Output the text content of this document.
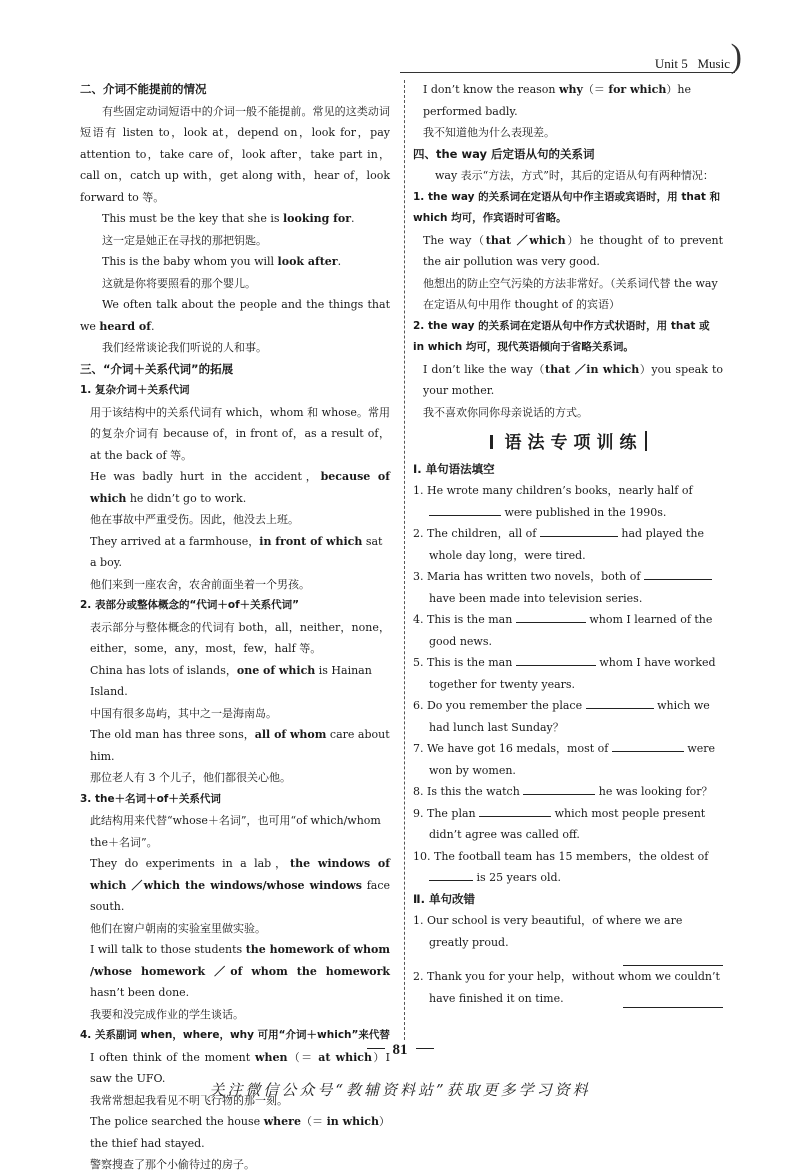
Unit 5 Music )

二、介词不能提前的情况

有些固定动词短语中的介词一般不能提前。常见的这类动词短语有 listen to，look at，depend on，look for，pay attention to，take care of，look after，take part in，call on，catch up with，get along with，hear of，look forward to 等。

This must be the key that she is looking for.

这一定是她正在寻找的那把钥匙。

This is the baby whom you will look after.

这就是你将要照看的那个婴儿。

We often talk about the people and the things that we heard of.

我们经常谈论我们听说的人和事。

三、“介词＋关系代词”的拓展

1. 复杂介词＋关系代词

用于该结构中的关系代词有 which，whom 和 whose。常用的复杂介词有 because of，in front of，as a result of，at the back of 等。

He was badly hurt in the accident，because of which he didn’t go to work.

他在事故中严重受伤。因此，他没去上班。

They arrived at a farmhouse，in front of which sat a boy.

他们来到一座农舍，农舍前面坐着一个男孩。

2. 表部分或整体概念的“代词＋of＋关系代词”

表示部分与整体概念的代词有 both，all，neither，none，either，some，any，most，few，half 等。

China has lots of islands，one of which is Hainan Island.

中国有很多岛屿，其中之一是海南岛。

The old man has three sons，all of whom care about him.

那位老人有 3 个儿子，他们都很关心他。

3. the＋名词＋of＋关系代词

此结构用来代替“whose＋名词”，也可用“of which/whom the＋名词”。

They do experiments in a lab，the windows of which ／which the windows/whose windows face south.

他们在窗户朝南的实验室里做实验。

I will talk to those students the homework of whom /whose homework ／of whom the homework hasn’t been done.

我要和没完成作业的学生谈话。

4. 关系副词 when，where，why 可用“介词＋which”来代替

I often think of the moment when（＝ at which）I saw the UFO.

我常常想起我看见不明飞行物的那一刻。

The police searched the house where（＝ in which）the thief had stayed.

警察搜查了那个小偷待过的房子。

I don’t know the reason why（＝ for which）he performed badly.

我不知道他为什么表现差。

四、the way 后定语从句的关系词

way 表示“方法，方式”时，其后的定语从句有两种情况：

1. the way 的关系词在定语从句中作主语或宾语时，用 that 和 which 均可，作宾语时可省略。

The way（that ／which）he thought of to prevent the air pollution was very good.

他想出的防止空气污染的方法非常好。（关系词代替 the way 在定语从句中用作 thought of 的宾语）

2. the way 的关系词在定语从句中作方式状语时，用 that 或 in which 均可，现代英语倾向于省略关系词。

I don’t like the way（that ／in which）you speak to your mother.

我不喜欢你同你母亲说话的方式。

语法专项训练

Ⅰ. 单句语法填空

1. He wrote many children’s books，nearly half of  were published in the 1990s.

2. The children，all of	had played the whole day long，were tired.

3. Maria has written two novels，both of  have been made into television series.

4. This is the man	whom I learned of the good news.

5. This is the man	whom I have worked together for twenty years.

6. Do you remember the place	which we had lunch last Sunday？

7. We have got 16 medals，most of	were won by women.

8. Is this the watch	he was looking for？

9. The plan	which most people present didn’t agree was called off.

10. The football team has 15 members，the oldest of  is 25 years old.

Ⅱ. 单句改错

1. Our school is very beautiful，of where we are greatly proud.

2. Thank you for your help，without whom we couldn’t have finished it on time.

81
关注微信公众号“教辅资料站”获取更多学习资料
